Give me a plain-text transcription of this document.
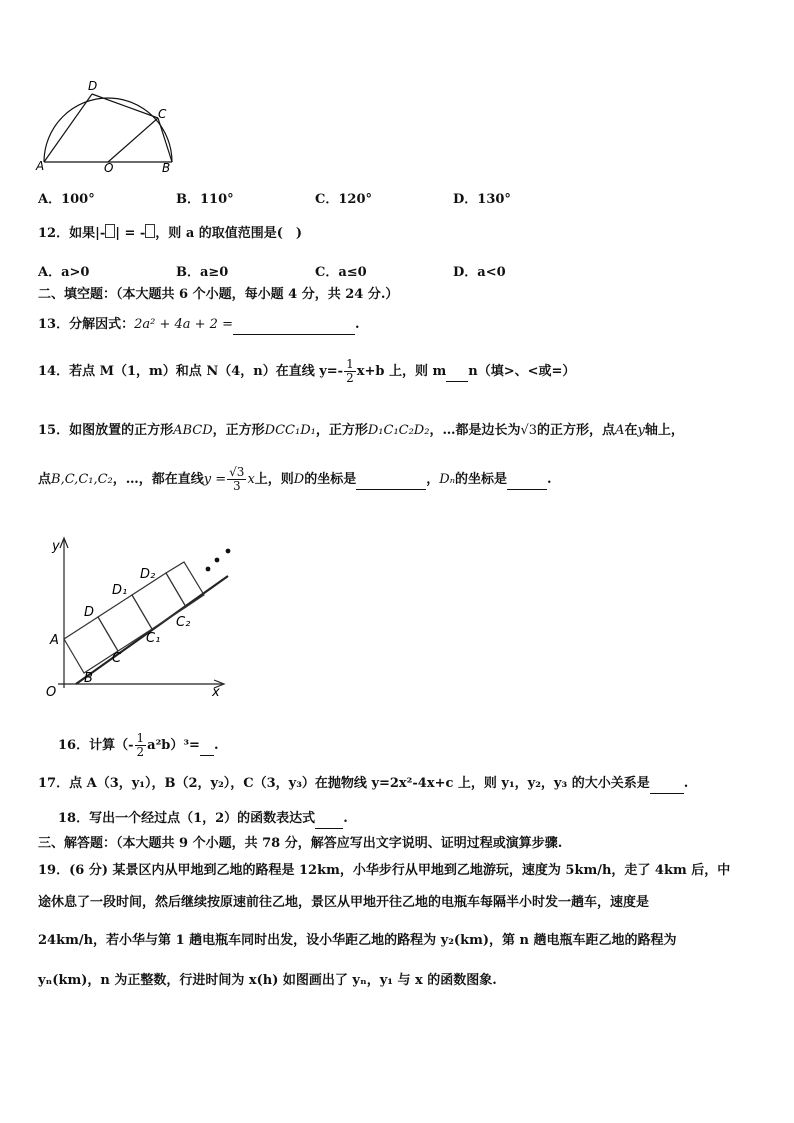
A	O	B
C
D
A．100°	B．110°	C．120°	D．130°
12．如果|- | = - ，则 a 的取值范围是(　)
A．a>0	B．a≥0	C．a≤0	D．a<0
二、填空题：（本大题共 6 个小题，每小题 4 分，共 24 分.）
13．分解因式：2a² + 4a + 2 =	.
14．若点 M（1，m）和点 N（4，n）在直线 $y=- \frac{1}{2} x+b$ 上，则 m n（填>、<或=）
15．如图放置的正方形ABCD，正方形DCC₁D₁，正方形D₁C₁C₂D₂，…都是边长为√3的正方形，点A在y轴上，
点B,C,C₁,C₂，…，都在直线$y = \frac{√3}{3}$ x上，则D的坐标是	，Dₙ的坐标是	.
y
x
O
A
B
C
D
C₁
D₁
D₂
C₂
16．计算（- $\frac{1}{2} a^2b)^3=$ .
17．点 A（3，y₁），B（2，y₂），C（3，y₃）在抛物线 y=2x²-4x+c 上，则 y₁，y₂，y₃ 的大小关系是	.
18．写出一个经过点（1，2）的函数表达式 .
三、解答题：（本大题共 9 个小题，共 78 分，解答应写出文字说明、证明过程或演算步骤.
19．(6 分) 某景区内从甲地到乙地的路程是 12km，小华步行从甲地到乙地游玩，速度为 5km/h，走了 4km 后，中
途休息了一段时间，然后继续按原速前往乙地，景区从甲地开往乙地的电瓶车每隔半小时发一趟车，速度是
24km/h，若小华与第 1 趟电瓶车同时出发，设小华距乙地的路程为 y₂(km)，第 n 趟电瓶车距乙地的路程为
yₙ(km)，n 为正整数，行进时间为 x(h) 如图画出了 yₙ，y₁ 与 x 的函数图象.
